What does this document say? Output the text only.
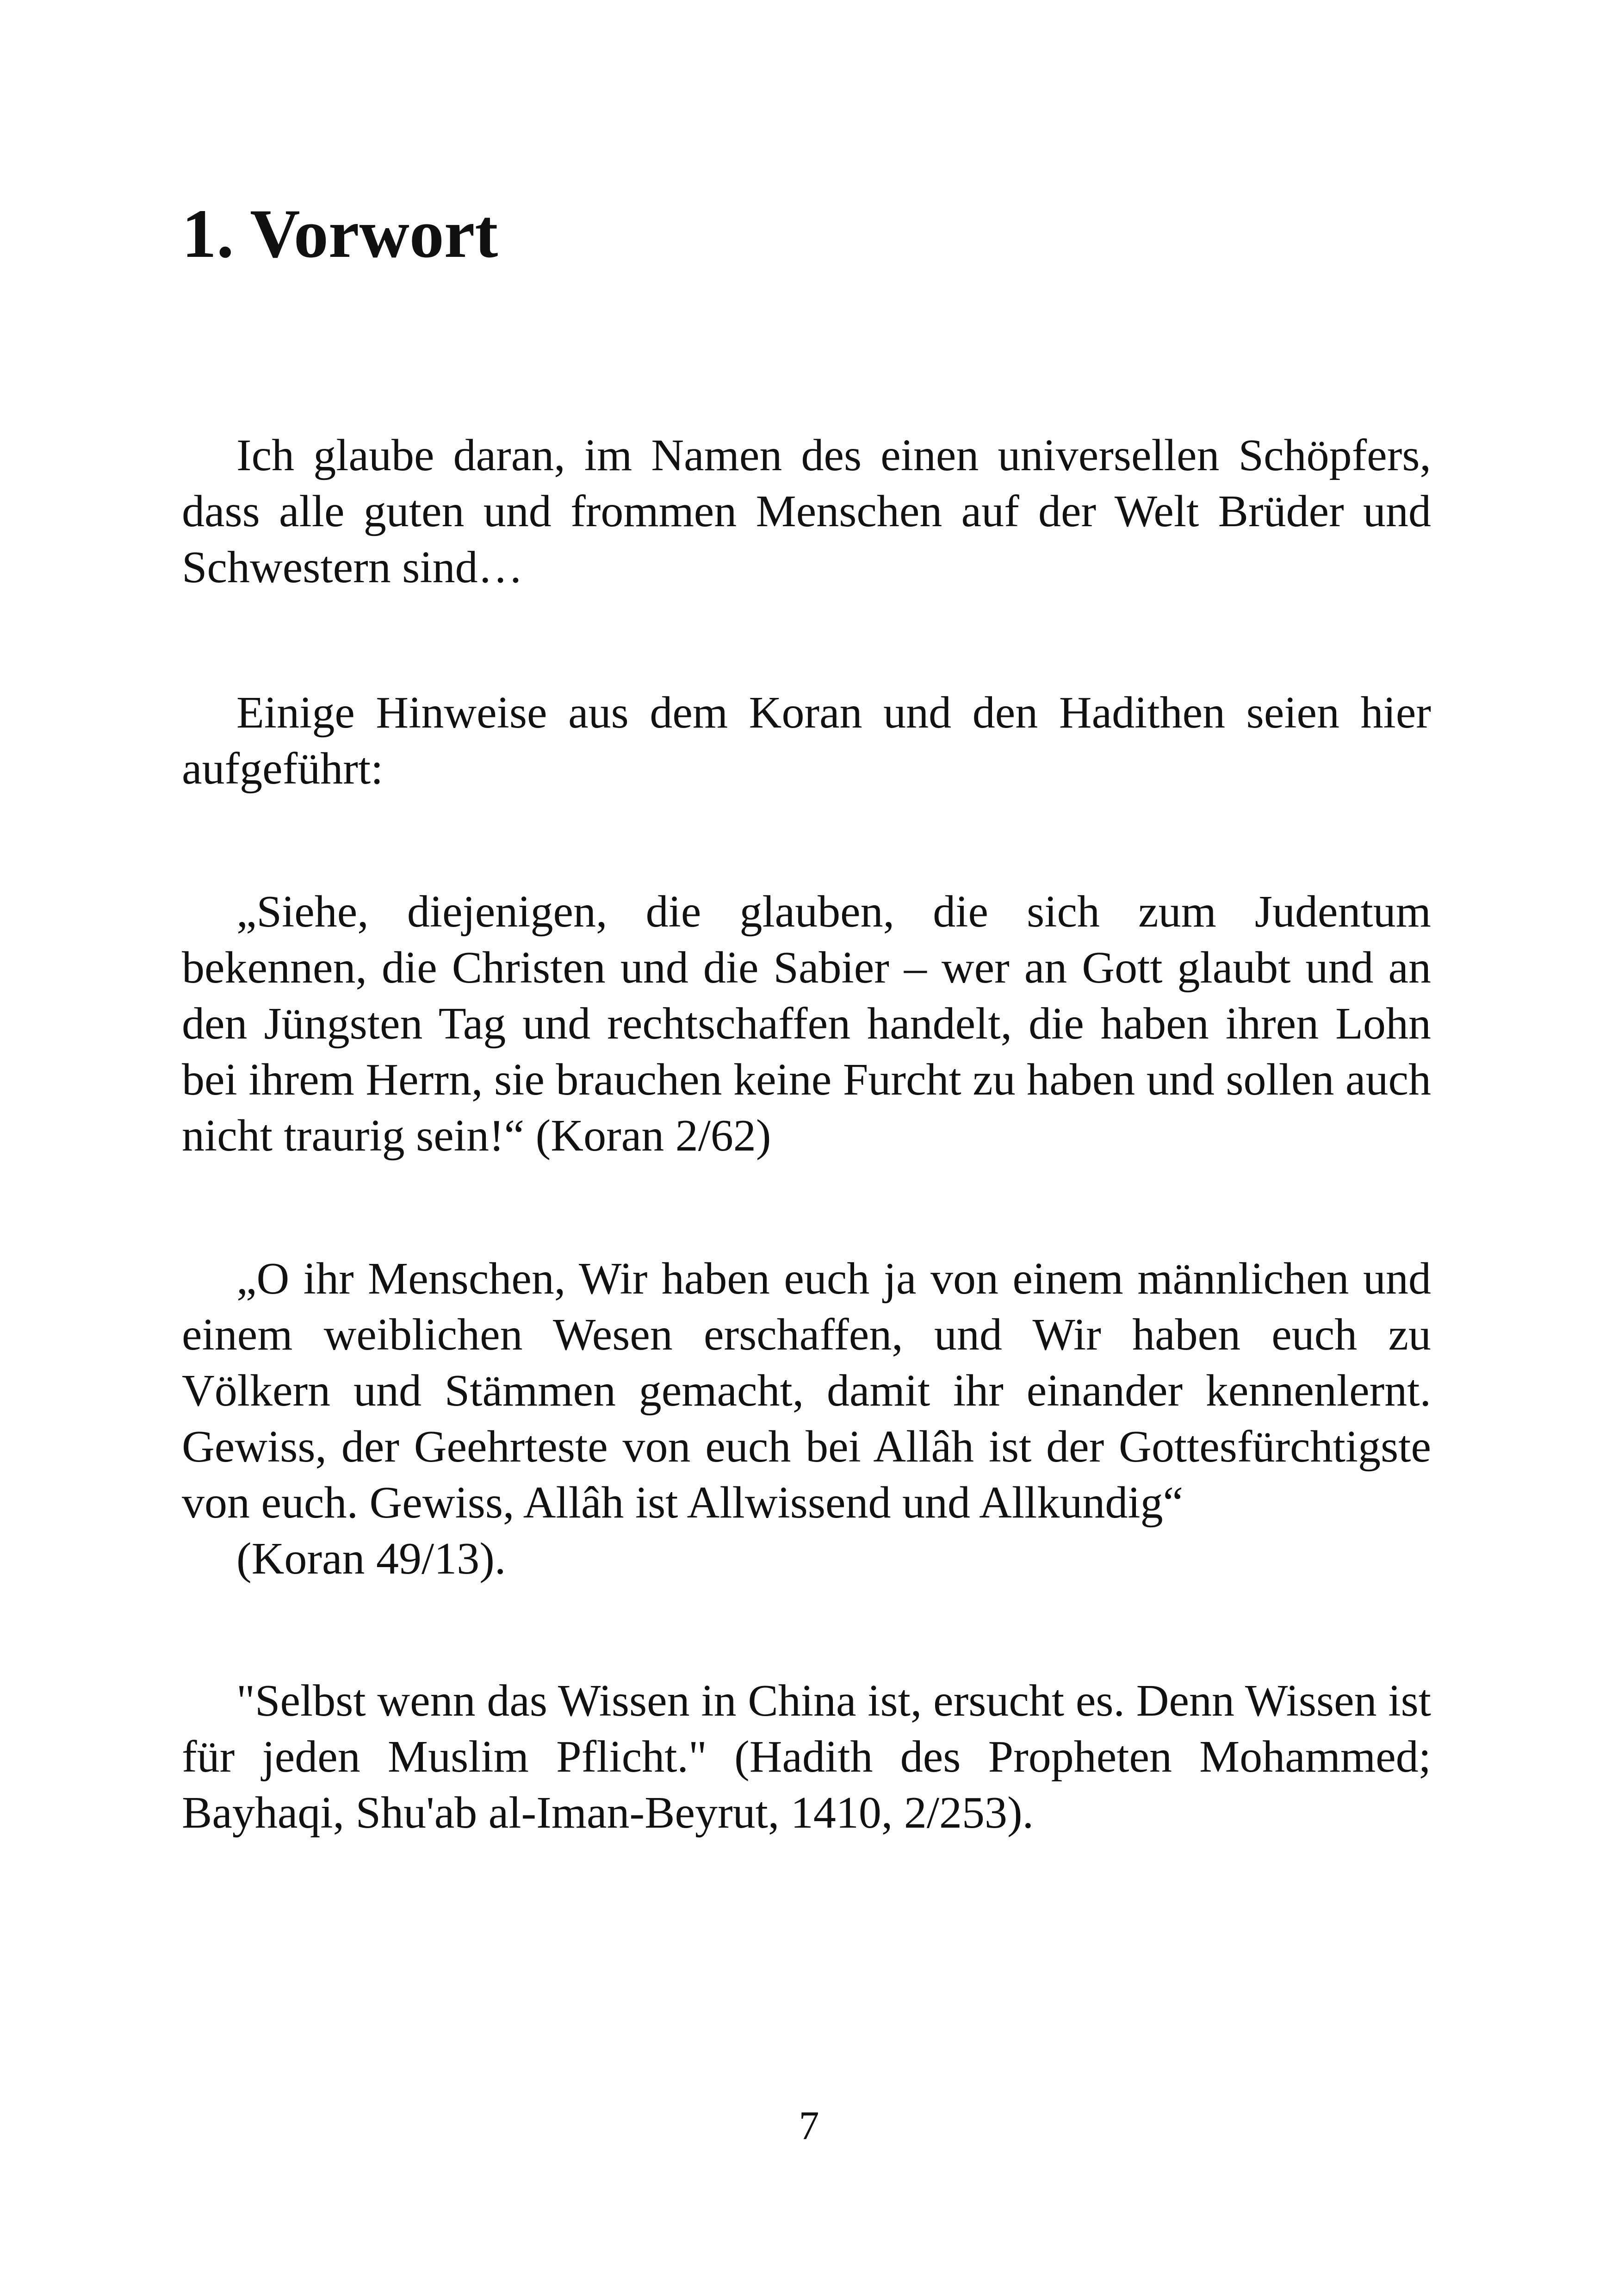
1. Vorwort

Ich glaube daran, im Namen des einen universellen Schöpfers, dass alle guten und frommen Menschen auf der Welt Brüder und Schwestern sind…

Einige Hinweise aus dem Koran und den Hadithen seien hier aufgeführt:

„Siehe, diejenigen, die glauben, die sich zum Judentum bekennen, die Christen und die Sabier – wer an Gott glaubt und an den Jüngsten Tag und rechtschaffen handelt, die haben ihren Lohn bei ihrem Herrn, sie brauchen keine Furcht zu haben und sollen auch nicht traurig sein!“ (Koran 2/62)

„O ihr Menschen, Wir haben euch ja von einem männlichen und einem weiblichen Wesen erschaffen, und Wir haben euch zu Völkern und Stämmen gemacht, damit ihr einander kennenlernt. Gewiss, der Geehrteste von euch bei Allâh ist der Gottesfürchtigste von euch. Gewiss, Allâh ist Allwissend und Allkundig“

(Koran 49/13).

"Selbst wenn das Wissen in China ist, ersucht es. Denn Wissen ist für jeden Muslim Pflicht." (Hadith des Propheten Mohammed; Bayhaqi, Shu'ab al-Iman-Beyrut, 1410, 2/253).

7
